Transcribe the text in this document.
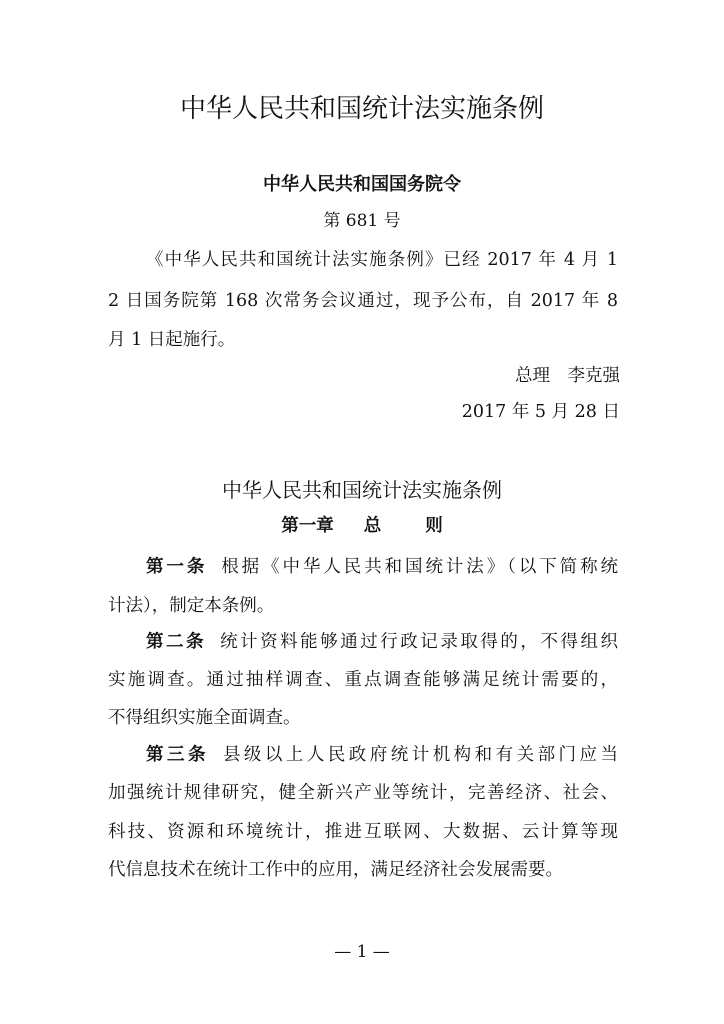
中华人民共和国统计法实施条例
中华人民共和国国务院令
第 681 号
《中华人民共和国统计法实施条例》已经 2017 年 4 月 1
2 日国务院第 168 次常务会议通过，现予公布，自 2017 年 8
月 1 日起施行。
总理　李克强
2017 年 5 月 28 日
中华人民共和国统计法实施条例
第一章 总	则
第一条 根据《中华人民共和国统计法》（以下简称统
计法），制定本条例。
第二条 统计资料能够通过行政记录取得的，不得组织
实施调查。通过抽样调查、重点调查能够满足统计需要的，
不得组织实施全面调查。
第三条 县级以上人民政府统计机构和有关部门应当
加强统计规律研究，健全新兴产业等统计，完善经济、社会、
科技、资源和环境统计，推进互联网、大数据、云计算等现
代信息技术在统计工作中的应用，满足经济社会发展需要。
— 1 —
